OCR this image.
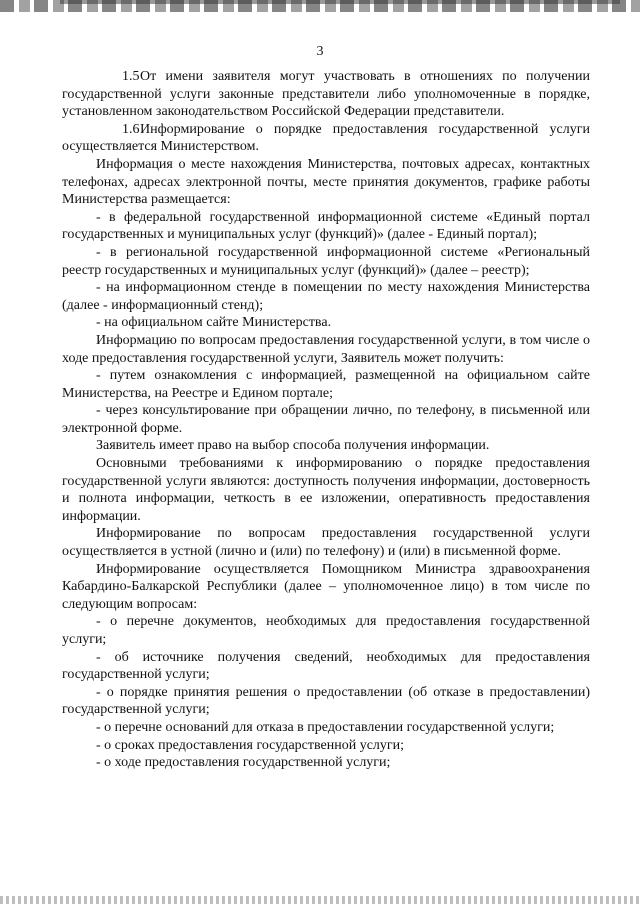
3

1.5От имени заявителя могут участвовать в отношениях по получении государственной услуги законные представители либо уполномоченные в порядке, установленном законодательством Российской Федерации представители.

1.6Информирование о порядке предоставления государственной услуги осуществляется Министерством.

Информация о месте нахождения Министерства, почтовых адресах, контактных телефонах, адресах электронной почты, месте принятия документов, графике работы Министерства размещается:

- в федеральной государственной информационной системе «Единый портал государственных и муниципальных услуг (функций)» (далее - Единый портал);

- в региональной государственной информационной системе «Региональный реестр государственных и муниципальных услуг (функций)» (далее – реестр);

- на информационном стенде в помещении по месту нахождения Министерства (далее - информационный стенд);

- на официальном сайте Министерства.

Информацию по вопросам предоставления государственной услуги, в том числе о ходе предоставления государственной услуги, Заявитель может получить:

- путем ознакомления с информацией, размещенной на официальном сайте Министерства, на Реестре и Едином портале;

- через консультирование при обращении лично, по телефону, в письменной или электронной форме.

Заявитель имеет право на выбор способа получения информации.

Основными требованиями к информированию о порядке предоставления государственной услуги являются: доступность получения информации, достоверность и полнота информации, четкость в ее изложении, оперативность предоставления информации.

Информирование по вопросам предоставления государственной услуги осуществляется в устной (лично и (или) по телефону) и (или) в письменной форме.

Информирование осуществляется Помощником Министра здравоохранения Кабардино-Балкарской Республики (далее – уполномоченное лицо) в том числе по следующим вопросам:

- о перечне документов, необходимых для предоставления государственной услуги;

- об источнике получения сведений, необходимых для предоставления государственной услуги;

- о порядке принятия решения о предоставлении (об отказе в предоставлении) государственной услуги;

- о перечне оснований для отказа в предоставлении государственной услуги;

- о сроках предоставления государственной услуги;

- о ходе предоставления государственной услуги;
